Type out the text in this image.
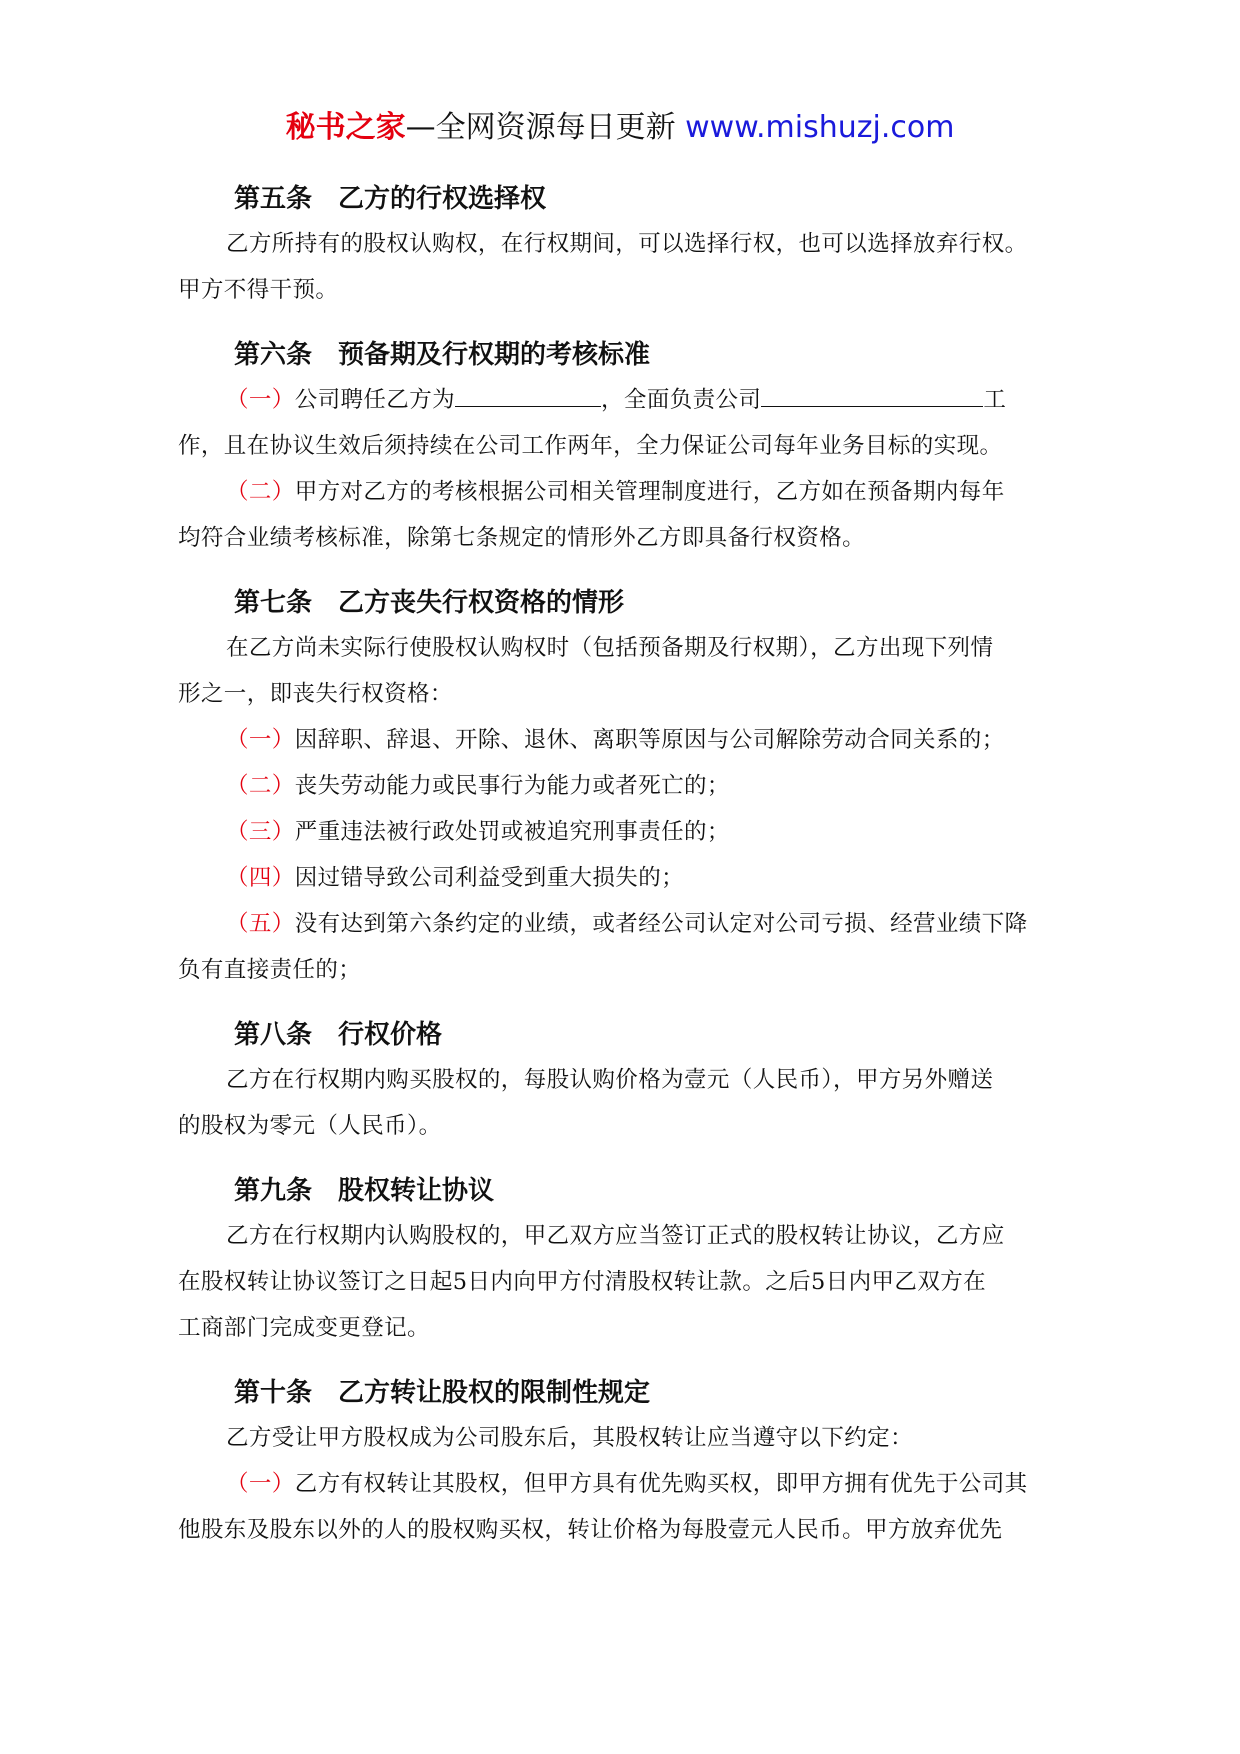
秘书之家—全网资源每日更新 www.mishuzj.com
第五条 乙方的行权选择权
乙方所持有的股权认购权，在行权期间，可以选择行权，也可以选择放弃行权。
甲方不得干预。
第六条 预备期及行权期的考核标准
（一）公司聘任乙方为	，全面负责公司	工
作，且在协议生效后须持续在公司工作两年，全力保证公司每年业务目标的实现。
（二）甲方对乙方的考核根据公司相关管理制度进行，乙方如在预备期内每年
均符合业绩考核标准，除第七条规定的情形外乙方即具备行权资格。
第七条 乙方丧失行权资格的情形
在乙方尚未实际行使股权认购权时（包括预备期及行权期），乙方出现下列情
形之一，即丧失行权资格：
（一）因辞职、辞退、开除、退休、离职等原因与公司解除劳动合同关系的；
（二）丧失劳动能力或民事行为能力或者死亡的；
（三）严重违法被行政处罚或被追究刑事责任的；
（四）因过错导致公司利益受到重大损失的；
（五）没有达到第六条约定的业绩，或者经公司认定对公司亏损、经营业绩下降
负有直接责任的；
第八条 行权价格
乙方在行权期内购买股权的，每股认购价格为壹元（人民币），甲方另外赠送
的股权为零元（人民币）。
第九条 股权转让协议
乙方在行权期内认购股权的，甲乙双方应当签订正式的股权转让协议，乙方应
在股权转让协议签订之日起5日内向甲方付清股权转让款。之后5日内甲乙双方在
工商部门完成变更登记。
第十条 乙方转让股权的限制性规定
乙方受让甲方股权成为公司股东后，其股权转让应当遵守以下约定：
（一）乙方有权转让其股权，但甲方具有优先购买权，即甲方拥有优先于公司其
他股东及股东以外的人的股权购买权，转让价格为每股壹元人民币。甲方放弃优先
